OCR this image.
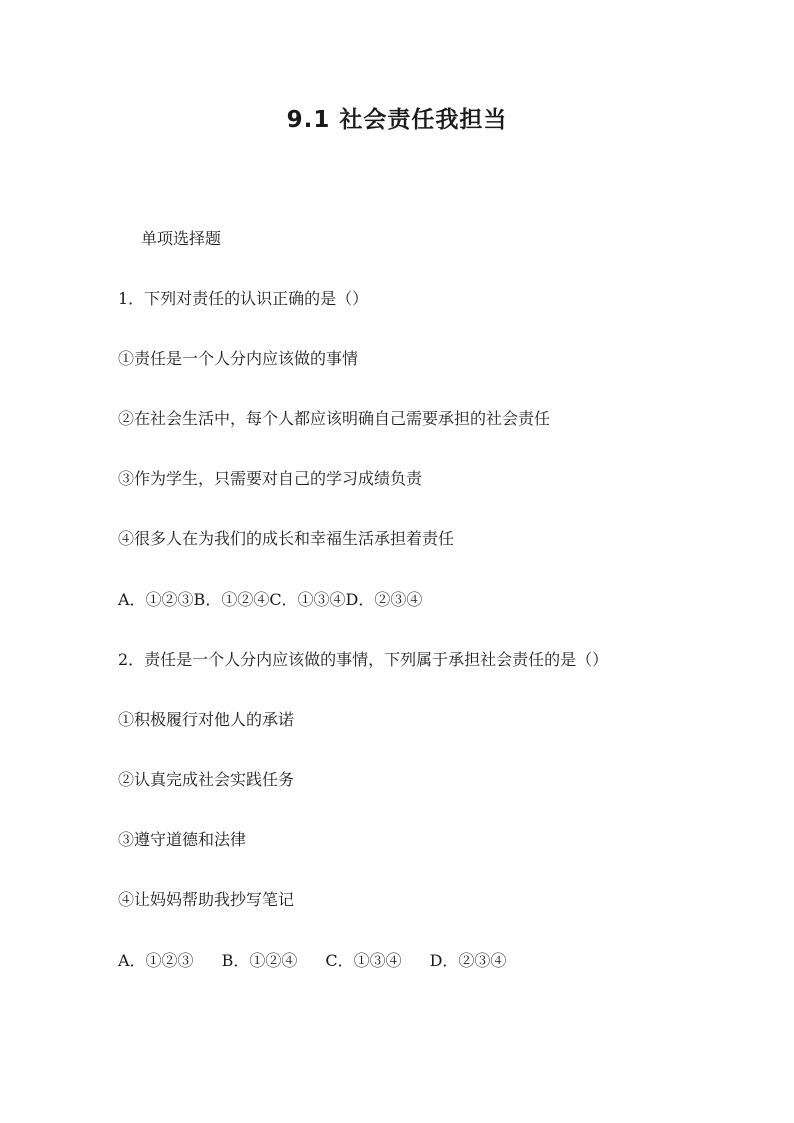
9.1 社会责任我担当
单项选择题
1．下列对责任的认识正确的是（）
①责任是一个人分内应该做的事情
②在社会生活中，每个人都应该明确自己需要承担的社会责任
③作为学生，只需要对自己的学习成绩负责
④很多人在为我们的成长和幸福生活承担着责任
A．①②③B．①②④C．①③④D．②③④
2．责任是一个人分内应该做的事情，下列属于承担社会责任的是（）
①积极履行对他人的承诺
②认真完成社会实践任务
③遵守道德和法律
④让妈妈帮助我抄写笔记
A．①②③ B．①②④ C．①③④ D．②③④
